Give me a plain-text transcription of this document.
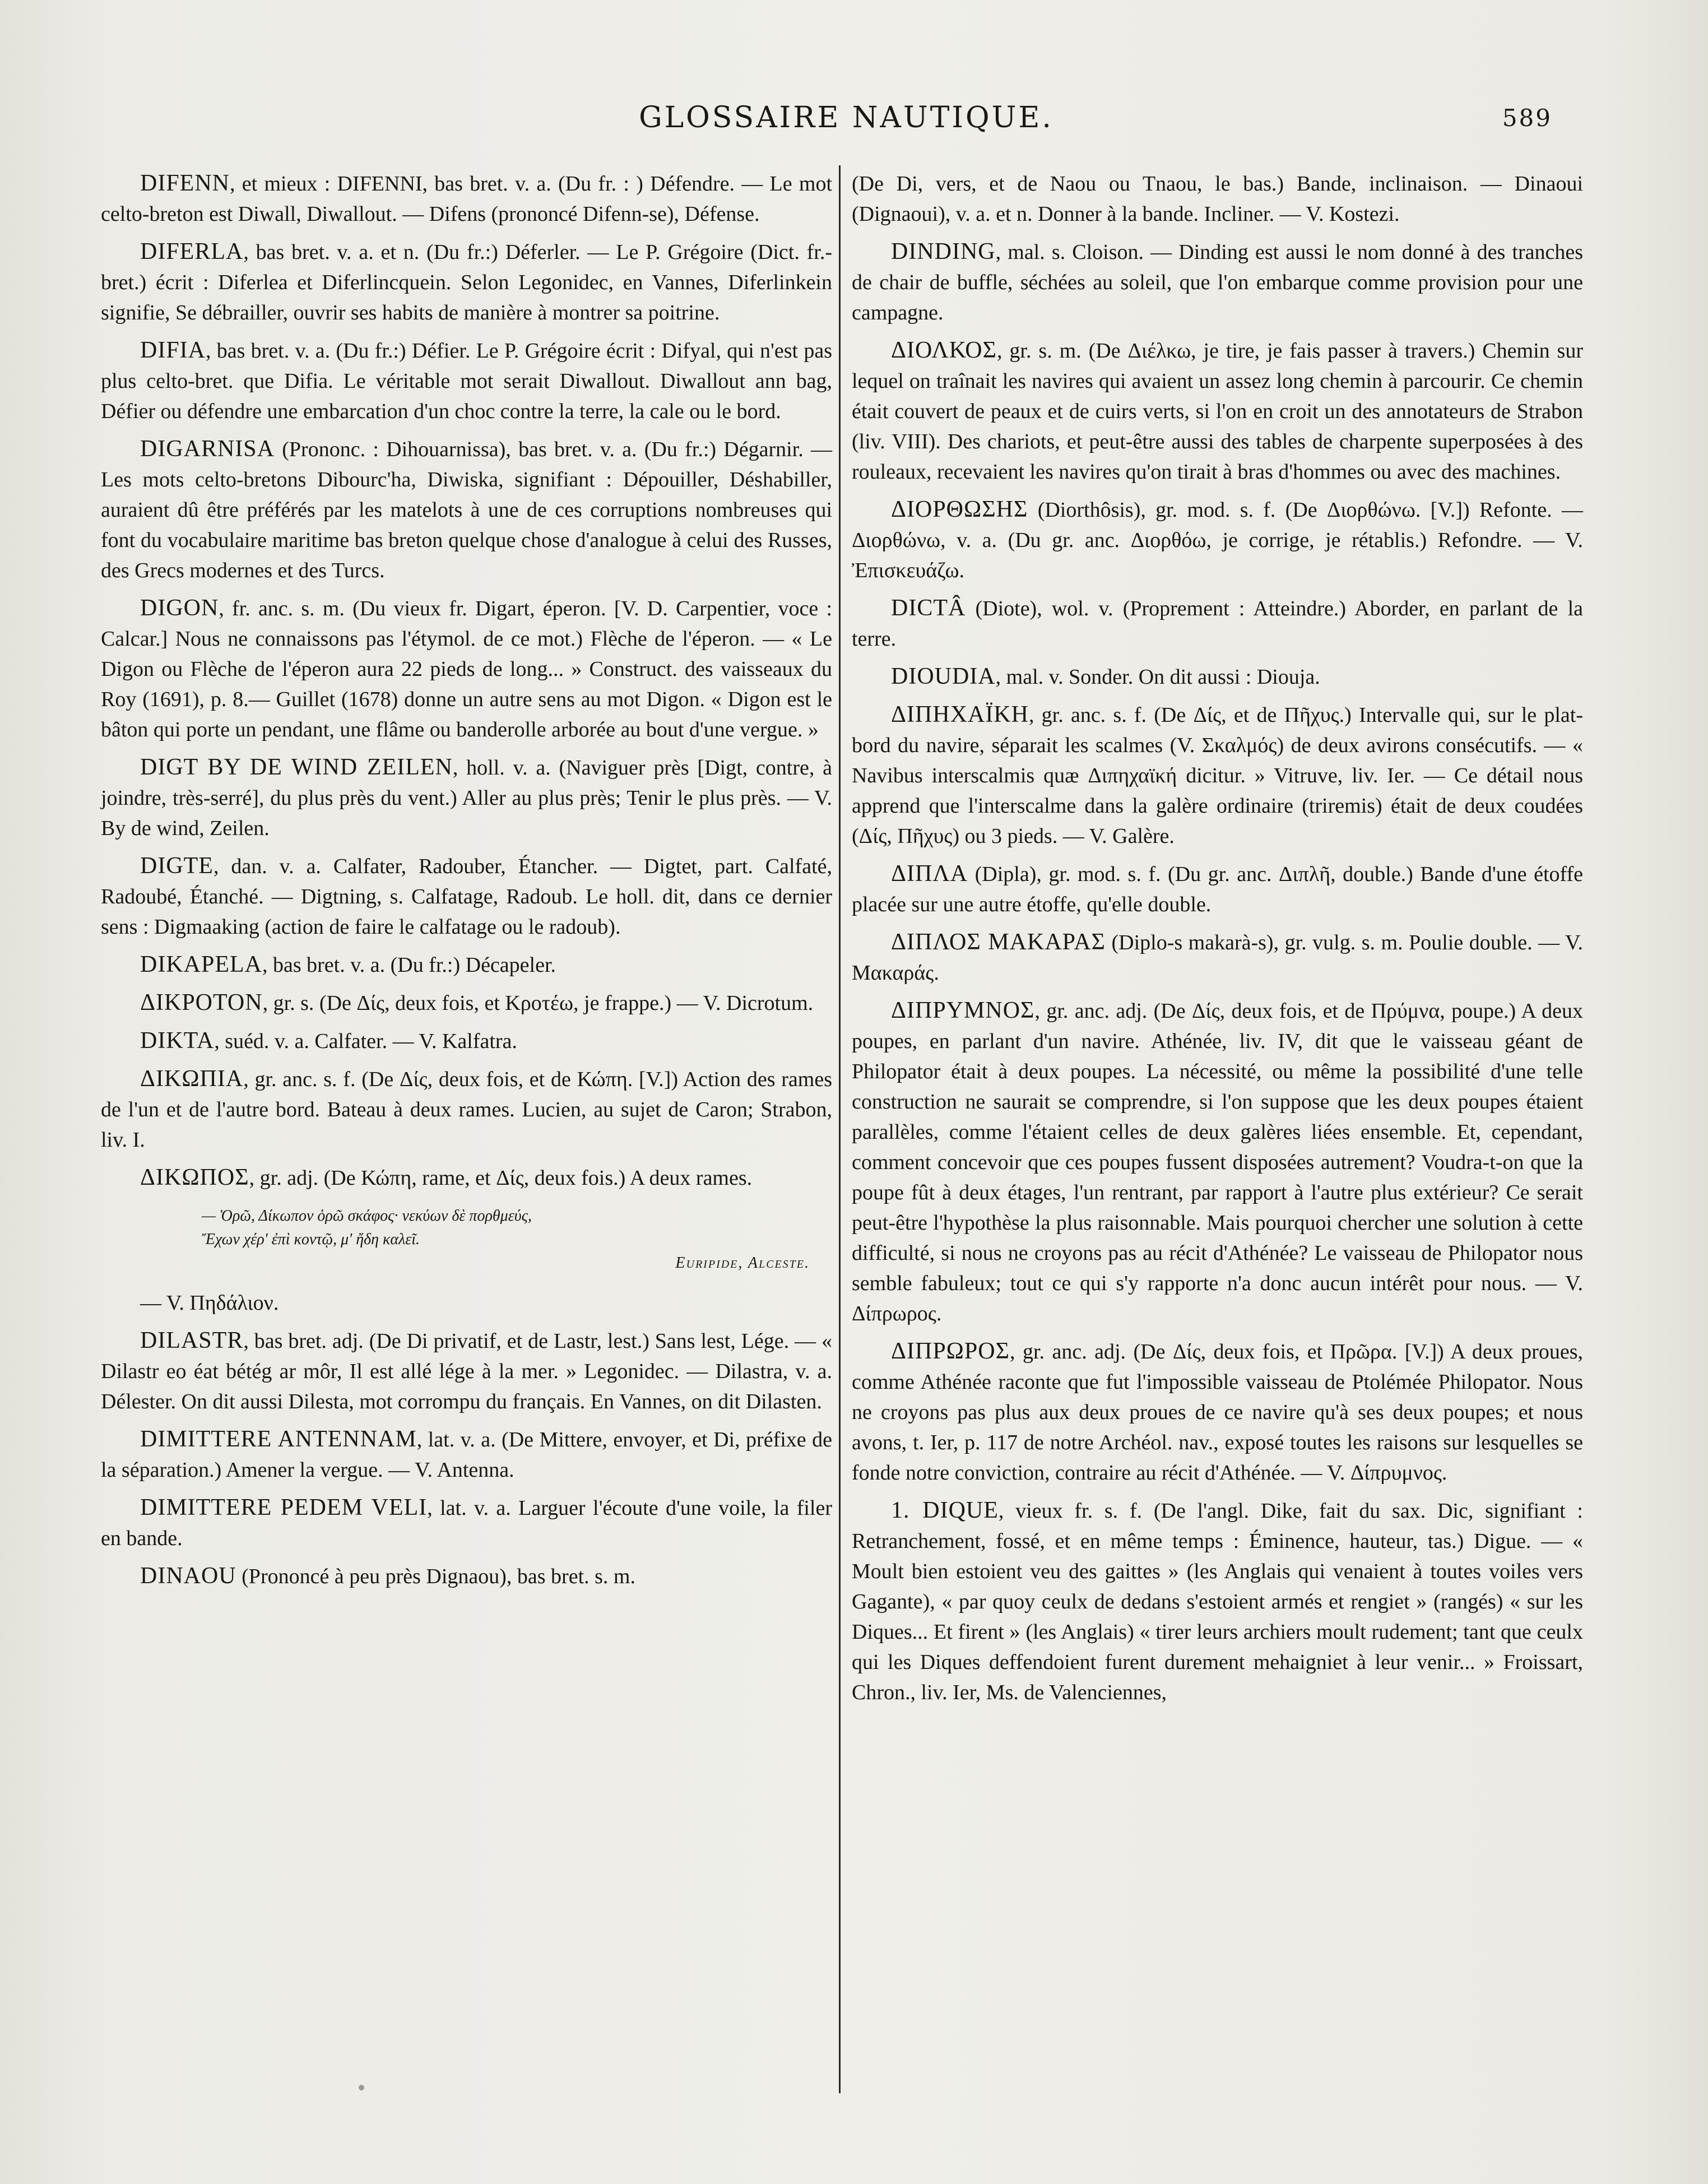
GLOSSAIRE NAUTIQUE.	589

DIFENN, et mieux : DIFENNI, bas bret. v. a. (Du fr. : ) Défendre. — Le mot celto-breton est Diwall, Diwallout. — Difens (prononcé Difenn-se), Défense.

DIFERLA, bas bret. v. a. et n. (Du fr.:) Déferler. — Le P. Grégoire (Dict. fr.-bret.) écrit : Diferlea et Diferlincquein. Selon Legonidec, en Vannes, Diferlinkein signifie, Se débrailler, ouvrir ses habits de manière à montrer sa poitrine.

DIFIA, bas bret. v. a. (Du fr.:) Défier. Le P. Grégoire écrit : Difyal, qui n'est pas plus celto-bret. que Difia. Le véritable mot serait Diwallout. Diwallout ann bag, Défier ou défendre une embarcation d'un choc contre la terre, la cale ou le bord.

DIGARNISA (Prononc. : Dihouarnissa), bas bret. v. a. (Du fr.:) Dégarnir. — Les mots celto-bretons Dibourc'ha, Diwiska, signifiant : Dépouiller, Déshabiller, auraient dû être préférés par les matelots à une de ces corruptions nombreuses qui font du vocabulaire maritime bas breton quelque chose d'analogue à celui des Russes, des Grecs modernes et des Turcs.

DIGON, fr. anc. s. m. (Du vieux fr. Digart, éperon. [V. D. Carpentier, voce : Calcar.] Nous ne connaissons pas l'étymol. de ce mot.) Flèche de l'éperon. — « Le Digon ou Flèche de l'éperon aura 22 pieds de long... » Construct. des vaisseaux du Roy (1691), p. 8.— Guillet (1678) donne un autre sens au mot Digon. « Digon est le bâton qui porte un pendant, une flâme ou banderolle arborée au bout d'une vergue. »

DIGT BY DE WIND ZEILEN, holl. v. a. (Naviguer près [Digt, contre, à joindre, très-serré], du plus près du vent.) Aller au plus près; Tenir le plus près. — V. By de wind, Zeilen.

DIGTE, dan. v. a. Calfater, Radouber, Étancher. — Digtet, part. Calfaté, Radoubé, Étanché. — Digtning, s. Calfatage, Radoub. Le holl. dit, dans ce dernier sens : Digmaaking (action de faire le calfatage ou le radoub).

DIKAPELA, bas bret. v. a. (Du fr.:) Décapeler.

ΔΙΚΡΟΤΟΝ, gr. s. (De Δίς, deux fois, et Κροτέω, je frappe.) — V. Dicrotum.

DIKTA, suéd. v. a. Calfater. — V. Kalfatra.

ΔΙΚΩΠΙΑ, gr. anc. s. f. (De Δίς, deux fois, et de Κώπη. [V.]) Action des rames de l'un et de l'autre bord. Bateau à deux rames. Lucien, au sujet de Caron; Strabon, liv. I.

ΔΙΚΩΠΟΣ, gr. adj. (De Κώπη, rame, et Δίς, deux fois.) A deux rames.

— Ὁρῶ, Δίκωπον ὁρῶ σκάφος· νεκύων δὲ πορθμεύς,
Ἔχων χέρ' ἐπὶ κοντῷ, μ' ἤδη καλεῖ.
Euripide, Alceste.

— V. Πηδάλιον.

DILASTR, bas bret. adj. (De Di privatif, et de Lastr, lest.) Sans lest, Lége. — « Dilastr eo éat bétég ar môr, Il est allé lége à la mer. » Legonidec. — Dilastra, v. a. Délester. On dit aussi Dilesta, mot corrompu du français. En Vannes, on dit Dilasten.

DIMITTERE ANTENNAM, lat. v. a. (De Mittere, envoyer, et Di, préfixe de la séparation.) Amener la vergue. — V. Antenna.

DIMITTERE PEDEM VELI, lat. v. a. Larguer l'écoute d'une voile, la filer en bande.

DINAOU (Prononcé à peu près Dignaou), bas bret. s. m.

(De Di, vers, et de Naou ou Tnaou, le bas.) Bande, inclinaison. — Dinaoui (Dignaoui), v. a. et n. Donner à la bande. Incliner. — V. Kostezi.

DINDING, mal. s. Cloison. — Dinding est aussi le nom donné à des tranches de chair de buffle, séchées au soleil, que l'on embarque comme provision pour une campagne.

ΔΙΟΛΚΟΣ, gr. s. m. (De Διέλκω, je tire, je fais passer à travers.) Chemin sur lequel on traînait les navires qui avaient un assez long chemin à parcourir. Ce chemin était couvert de peaux et de cuirs verts, si l'on en croit un des annotateurs de Strabon (liv. VIII). Des chariots, et peut-être aussi des tables de charpente superposées à des rouleaux, recevaient les navires qu'on tirait à bras d'hommes ou avec des machines.

ΔΙΟΡΘΩΣΗΣ (Diorthôsis), gr. mod. s. f. (De Διορθώνω. [V.]) Refonte. — Διορθώνω, v. a. (Du gr. anc. Διορθόω, je corrige, je rétablis.) Refondre. — V. Ἐπισκευάζω.

DICTÂ (Diote), wol. v. (Proprement : Atteindre.) Aborder, en parlant de la terre.

DIOUDIA, mal. v. Sonder. On dit aussi : Diouja.

ΔΙΠΗΧΑΪΚΗ, gr. anc. s. f. (De Δίς, et de Πῆχυς.) Intervalle qui, sur le plat-bord du navire, séparait les scalmes (V. Σκαλμός) de deux avirons consécutifs. — « Navibus interscalmis quæ Διπηχαϊκή dicitur. » Vitruve, liv. Ier. — Ce détail nous apprend que l'interscalme dans la galère ordinaire (triremis) était de deux coudées (Δίς, Πῆχυς) ou 3 pieds. — V. Galère.

ΔΙΠΛΑ (Dipla), gr. mod. s. f. (Du gr. anc. Διπλῆ, double.) Bande d'une étoffe placée sur une autre étoffe, qu'elle double.

ΔΙΠΛΟΣ ΜΑΚΑΡΑΣ (Diplo-s makarà-s), gr. vulg. s. m. Poulie double. — V. Μακαράς.

ΔΙΠΡΥΜΝΟΣ, gr. anc. adj. (De Δίς, deux fois, et de Πρύμνα, poupe.) A deux poupes, en parlant d'un navire. Athénée, liv. IV, dit que le vaisseau géant de Philopator était à deux poupes. La nécessité, ou même la possibilité d'une telle construction ne saurait se comprendre, si l'on suppose que les deux poupes étaient parallèles, comme l'étaient celles de deux galères liées ensemble. Et, cependant, comment concevoir que ces poupes fussent disposées autrement? Voudra-t-on que la poupe fût à deux étages, l'un rentrant, par rapport à l'autre plus extérieur? Ce serait peut-être l'hypothèse la plus raisonnable. Mais pourquoi chercher une solution à cette difficulté, si nous ne croyons pas au récit d'Athénée? Le vaisseau de Philopator nous semble fabuleux; tout ce qui s'y rapporte n'a donc aucun intérêt pour nous. — V. Δίπρωρος.

ΔΙΠΡΩΡΟΣ, gr. anc. adj. (De Δίς, deux fois, et Πρῶρα. [V.]) A deux proues, comme Athénée raconte que fut l'impossible vaisseau de Ptolémée Philopator. Nous ne croyons pas plus aux deux proues de ce navire qu'à ses deux poupes; et nous avons, t. Ier, p. 117 de notre Archéol. nav., exposé toutes les raisons sur lesquelles se fonde notre conviction, contraire au récit d'Athénée. — V. Δίπρυμνος.

1. DIQUE, vieux fr. s. f. (De l'angl. Dike, fait du sax. Dic, signifiant : Retranchement, fossé, et en même temps : Éminence, hauteur, tas.) Digue. — « Moult bien estoient veu des gaittes » (les Anglais qui venaient à toutes voiles vers Gagante), « par quoy ceulx de dedans s'estoient armés et rengiet » (rangés) « sur les Diques... Et firent » (les Anglais) « tirer leurs archiers moult rudement; tant que ceulx qui les Diques deffendoient furent durement mehaigniet à leur venir... » Froissart, Chron., liv. Ier, Ms. de Valenciennes,
